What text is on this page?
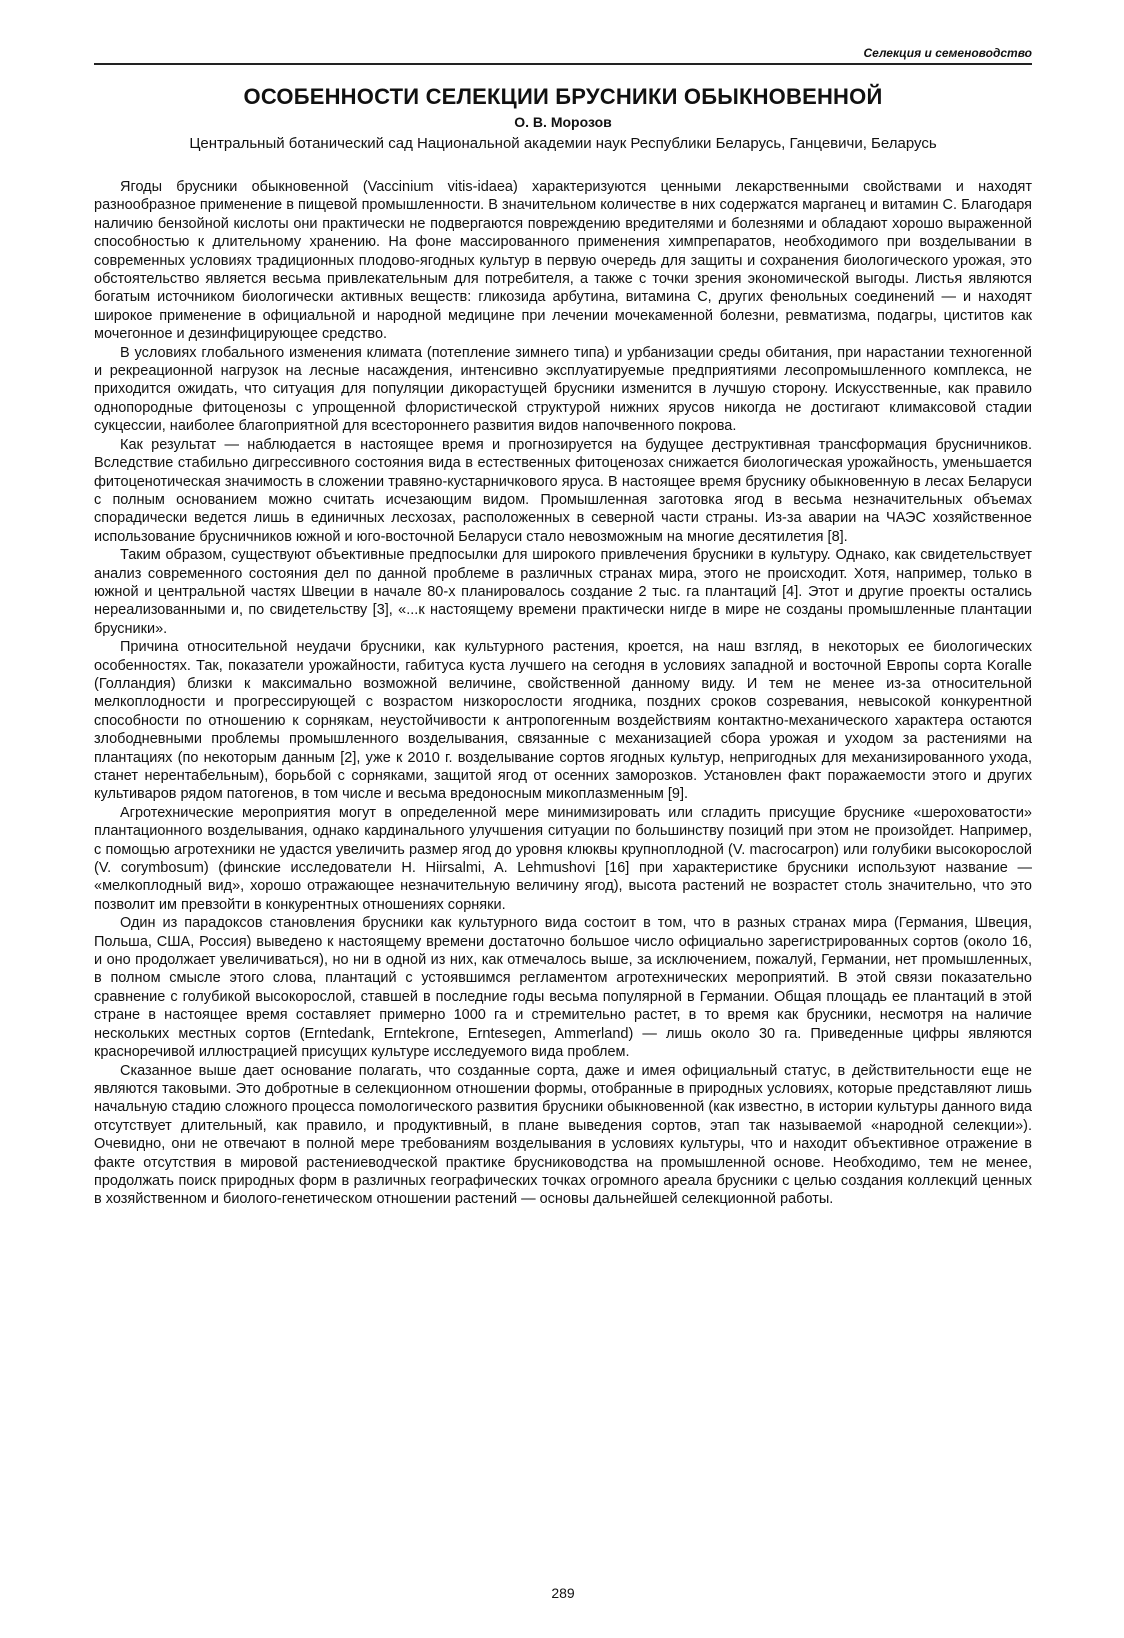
Селекция и семеноводство
ОСОБЕННОСТИ СЕЛЕКЦИИ БРУСНИКИ ОБЫКНОВЕННОЙ
О. В. Морозов
Центральный ботанический сад Национальной академии наук Республики Беларусь, Ганцевичи, Беларусь

Ягоды брусники обыкновенной (Vaccinium vitis-idaea) характеризуются ценными лекарственными свойствами и находят разнообразное применение в пищевой промышленности. В значительном количестве в них содержатся марганец и витамин С. Благодаря наличию бензойной кислоты они практически не подвергаются повреждению вредителями и болезнями и обладают хорошо выраженной способностью к длительному хранению. На фоне массированного применения химпрепаратов, необходимого при возделывании в современных условиях традиционных плодово-ягодных культур в первую очередь для защиты и сохранения биологического урожая, это обстоятельство является весьма привлекательным для потребителя, а также с точки зрения экономической выгоды. Листья являются богатым источником биологически активных веществ: гликозида арбутина, витамина С, других фенольных соединений — и находят широкое применение в официальной и народной медицине при лечении мочекаменной болезни, ревматизма, подагры, циститов как мочегонное и дезинфицирующее средство.

В условиях глобального изменения климата (потепление зимнего типа) и урбанизации среды обитания, при нарастании техногенной и рекреационной нагрузок на лесные насаждения, интенсивно эксплуатируемые предприятиями лесопромышленного комплекса, не приходится ожидать, что ситуация для популяции дикорастущей брусники изменится в лучшую сторону. Искусственные, как правило однопородные фитоценозы с упрощенной флористической структурой нижних ярусов никогда не достигают климаксовой стадии сукцессии, наиболее благоприятной для всестороннего развития видов напочвенного покрова.

Как результат — наблюдается в настоящее время и прогнозируется на будущее деструктивная трансформация брусничников. Вследствие стабильно дигрессивного состояния вида в естественных фитоценозах снижается биологическая урожайность, уменьшается фитоценотическая значимость в сложении травяно-кустарничкового яруса. В настоящее время бруснику обыкновенную в лесах Беларуси с полным основанием можно считать исчезающим видом. Промышленная заготовка ягод в весьма незначительных объемах спорадически ведется лишь в единичных лесхозах, расположенных в северной части страны. Из-за аварии на ЧАЭС хозяйственное использование брусничников южной и юго-восточной Беларуси стало невозможным на многие десятилетия [8].

Таким образом, существуют объективные предпосылки для широкого привлечения брусники в культуру. Однако, как свидетельствует анализ современного состояния дел по данной проблеме в различных странах мира, этого не происходит. Хотя, например, только в южной и центральной частях Швеции в начале 80-х планировалось создание 2 тыс. га плантаций [4]. Этот и другие проекты остались нереализованными и, по свидетельству [3], «...к настоящему времени практически нигде в мире не созданы промышленные плантации брусники».

Причина относительной неудачи брусники, как культурного растения, кроется, на наш взгляд, в некоторых ее биологических особенностях. Так, показатели урожайности, габитуса куста лучшего на сегодня в условиях западной и восточной Европы сорта Koralle (Голландия) близки к максимально возможной величине, свойственной данному виду. И тем не менее из-за относительной мелкоплодности и прогрессирующей с возрастом низкорослости ягодника, поздних сроков созревания, невысокой конкурентной способности по отношению к сорнякам, неустойчивости к антропогенным воздействиям контактно-механического характера остаются злободневными проблемы промышленного возделывания, связанные с механизацией сбора урожая и уходом за растениями на плантациях (по некоторым данным [2], уже к 2010 г. возделывание сортов ягодных культур, непригодных для механизированного ухода, станет нерентабельным), борьбой с сорняками, защитой ягод от осенних заморозков. Установлен факт поражаемости этого и других культиваров рядом патогенов, в том числе и весьма вредоносным микоплазменным [9].

Агротехнические мероприятия могут в определенной мере минимизировать или сгладить присущие бруснике «шероховатости» плантационного возделывания, однако кардинального улучшения ситуации по большинству позиций при этом не произойдет. Например, с помощью агротехники не удастся увеличить размер ягод до уровня клюквы крупноплодной (V. macrocarpon) или голубики высокорослой (V. corymbosum) (финские исследователи H. Hiirsalmi, A. Lehmushovi [16] при характеристике брусники используют название — «мелкоплодный вид», хорошо отражающее незначительную величину ягод), высота растений не возрастет столь значительно, что это позволит им превзойти в конкурентных отношениях сорняки.

Один из парадоксов становления брусники как культурного вида состоит в том, что в разных странах мира (Германия, Швеция, Польша, США, Россия) выведено к настоящему времени достаточно большое число официально зарегистрированных сортов (около 16, и оно продолжает увеличиваться), но ни в одной из них, как отмечалось выше, за исключением, пожалуй, Германии, нет промышленных, в полном смысле этого слова, плантаций с устоявшимся регламентом агротехнических мероприятий. В этой связи показательно сравнение с голубикой высокорослой, ставшей в последние годы весьма популярной в Германии. Общая площадь ее плантаций в этой стране в настоящее время составляет примерно 1000 га и стремительно растет, в то время как брусники, несмотря на наличие нескольких местных сортов (Erntedank, Erntekrone, Erntesegen, Ammerland) — лишь около 30 га. Приведенные цифры являются красноречивой иллюстрацией присущих культуре исследуемого вида проблем.

Сказанное выше дает основание полагать, что созданные сорта, даже и имея официальный статус, в действительности еще не являются таковыми. Это добротные в селекционном отношении формы, отобранные в природных условиях, которые представляют лишь начальную стадию сложного процесса помологического развития брусники обыкновенной (как известно, в истории культуры данного вида отсутствует длительный, как правило, и продуктивный, в плане выведения сортов, этап так называемой «народной селекции»). Очевидно, они не отвечают в полной мере требованиям возделывания в условиях культуры, что и находит объективное отражение в факте отсутствия в мировой растениеводческой практике брусниководства на промышленной основе. Необходимо, тем не менее, продолжать поиск природных форм в различных географических точках огромного ареала брусники с целью создания коллекций ценных в хозяйственном и биолого-генетическом отношении растений — основы дальнейшей селекционной работы.

289
